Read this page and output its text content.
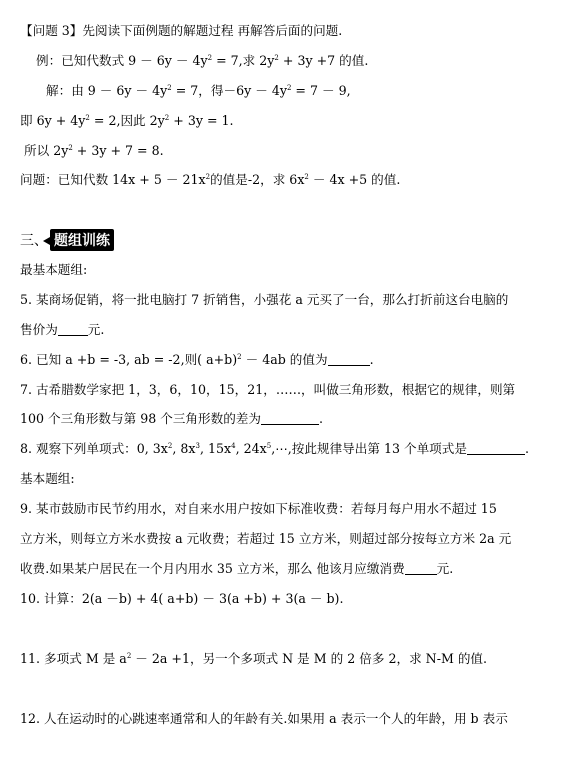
【问题 3】先阅读下面例题的解题过程 再解答后面的问题.
例：已知代数式 $9 - 6y - 4y^2 = 7$,求 $2y^2 + 3y +7$ 的值.
解：由 $9 - 6y - 4y^2 = 7$，得$-6y - 4y^2 = 7 - 9$,
即 $6y + 4y^2 = 2$,因此 $2y^2 + 3y = 1$.
所以 $2y^2 + 3y + 7 = 8$.
问题：已知代数 $14x + 5 - 21x^2$的值是-2，求 $6x^2 - 4x +5$ 的值.
三、 题组训练
最基本题组:
5. 某商场促销，将一批电脑打 7 折销售，小强花 a 元买了一台，那么打折前这台电脑的
售价为 元.
6. 已知 a +b = -3, ab = -2,则( a+b)$^2$ － 4ab 的值为	.
7. 古希腊数学家把 1，3，6，10，15，21，……，叫做三角形数，根据它的规律，则第
100 个三角形数与第 98 个三角形数的差为	.
8. 观察下列单项式：0, $3x^2$, $8x^3$, $15x^4$, $24x^5,\cdots$,按此规律导出第 13 个单项式是	.
基本题组:
9. 某市鼓励市民节约用水，对自来水用户按如下标准收费：若每月每户用水不超过 15
立方米，则每立方米水费按 a 元收费；若超过 15 立方米，则超过部分按每立方米 2a 元
收费.如果某户居民在一个月内用水 35 立方米，那么 他该月应缴消费	元.
10. 计算：2(a －b) + 4( a+b) － 3(a +b) + 3(a － b).
11. 多项式 M 是 $a^2 - 2a +1$，另一个多项式 N 是 M 的 2 倍多 2，求 N-M 的值.
12. 人在运动时的心跳速率通常和人的年龄有关.如果用 a 表示一个人的年龄，用 b 表示
